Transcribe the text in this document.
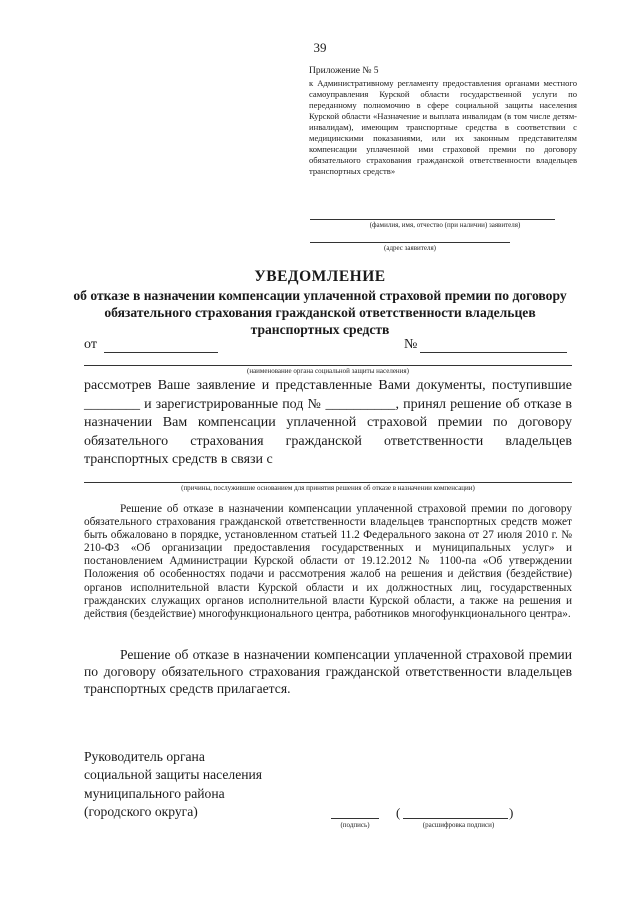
39
Приложение № 5
к Административному регламенту предоставления органами местного самоуправления Курской области государственной услуги по переданному полномочию в сфере социальной защиты населения Курской области «Назначение и выплата инвалидам (в том числе детям-инвалидам), имеющим транспортные средства в соответствии с медицинскими показаниями, или их законным представителям компенсации уплаченной ими страховой премии по договору обязательного страхования гражданской ответственности владельцев транспортных средств»
(фамилия, имя, отчество (при наличии) заявителя)
(адрес заявителя)
УВЕДОМЛЕНИЕ
об отказе в назначении компенсации уплаченной страховой премии по договору обязательного страхования гражданской ответственности владельцев транспортных средств
от	№
(наименование органа социальной защиты населения)
рассмотрев Ваше заявление и представленные Вами документы, поступившие ________ и зарегистрированные под № __________, принял решение об отказе в назначении Вам компенсации уплаченной страховой премии по договору обязательного страхования гражданской ответственности владельцев транспортных средств в связи с
(причины, послужившие основанием для принятия решения об отказе в назначении компенсации)
Решение об отказе в назначении компенсации уплаченной страховой премии по договору обязательного страхования гражданской ответственности владельцев транспортных средств может быть обжаловано в порядке, установленном статьей 11.2 Федерального закона от 27 июля 2010 г. № 210-ФЗ «Об организации предоставления государственных и муниципальных услуг» и постановлением Администрации Курской области от 19.12.2012 № 1100-па «Об утверждении Положения об особенностях подачи и рассмотрения жалоб на решения и действия (бездействие) органов исполнительной власти Курской области и их должностных лиц, государственных гражданских служащих органов исполнительной власти Курской области, а также на решения и действия (бездействие) многофункционального центра, работников многофункционального центра».
Решение об отказе в назначении компенсации уплаченной страховой премии по договору обязательного страхования гражданской ответственности владельцев транспортных средств прилагается.
Руководитель органа
социальной защиты населения
муниципального района
(городского округа)
(подпись)
(	)
(расшифровка подписи)
